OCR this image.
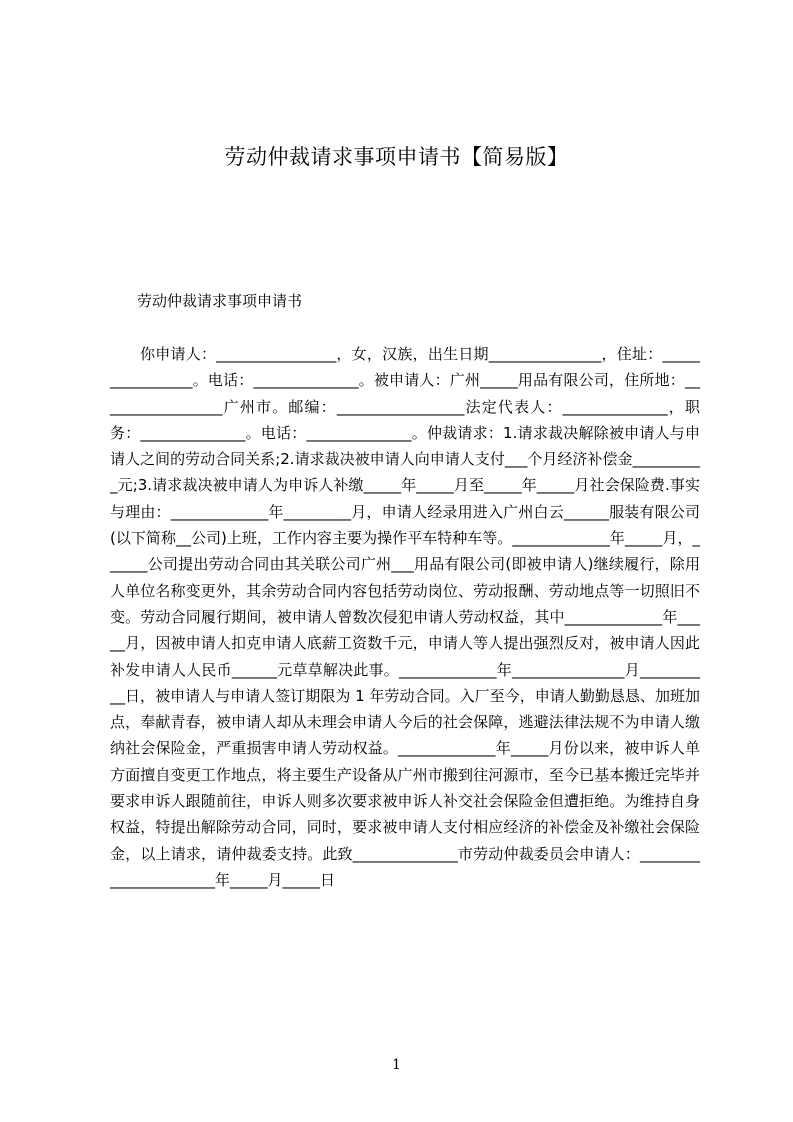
劳动仲裁请求事项申请书【简易版】

劳动仲裁请求事项申请书

你申请人：________________，女，汉族，出生日期_______________，住址：________________。电话：______________。被申请人：广州_____用品有限公司，住所地：_________________广州市。邮编：_________________法定代表人：______________，职务：______________。电话：______________。仲裁请求：1.请求裁决解除被申请人与申请人之间的劳动合同关系;2.请求裁决被申请人向申请人支付___个月经济补偿金__________元;3.请求裁决被申请人为申诉人补缴_____年_____月至_____年_____月社会保险费.事实与理由：_____________年_________月，申请人经录用进入广州白云______服装有限公司(以下简称__公司)上班，工作内容主要为操作平车特种车等。_____________年_____月，______公司提出劳动合同由其关联公司广州___用品有限公司(即被申请人)继续履行，除用人单位名称变更外，其余劳动合同内容包括劳动岗位、劳动报酬、劳动地点等一切照旧不变。劳动合同履行期间，被申请人曾数次侵犯申请人劳动权益，其中_____________年_____月，因被申请人扣克申请人底薪工资数千元，申请人等人提出强烈反对，被申请人因此补发申请人人民币______元草草解决此事。_____________年_______________月__________日，被申请人与申请人签订期限为 1 年劳动合同。入厂至今，申请人勤勤恳恳、加班加点，奉献青春，被申请人却从未理会申请人今后的社会保障，逃避法律法规不为申请人缴纳社会保险金，严重损害申请人劳动权益。_____________年_____月份以来，被申诉人单方面擅自变更工作地点，将主要生产设备从广州市搬到往河源市，至今已基本搬迁完毕并要求申诉人跟随前往，申诉人则多次要求被申诉人补交社会保险金但遭拒绝。为维持自身权益，特提出解除劳动合同，同时，要求被申请人支付相应经济的补偿金及补缴社会保险金，以上请求，请仲裁委支持。此致______________市劳动仲裁委员会申请人：______________________年_____月_____日

1
